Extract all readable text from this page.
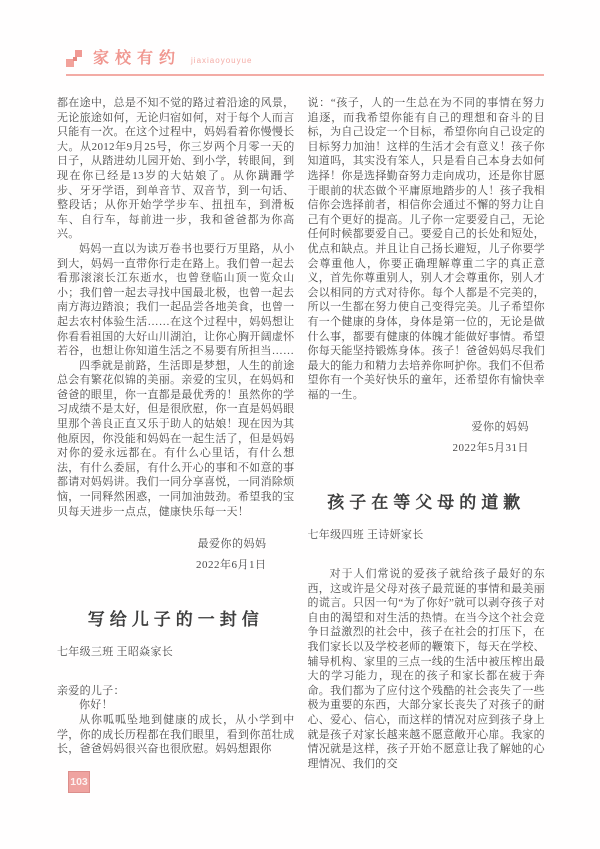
家校有约 jiaxiaoyouyue

都在途中，总是不知不觉的路过着沿途的风景，无论旅途如何，无论归宿如何，对于每个人而言只能有一次。在这个过程中，妈妈看着你慢慢长大。从2012年9月25号，你三岁两个月零一天的日子，从踏进幼儿园开始、到小学，转眼间，到现在你已经是13岁的大姑娘了。从你蹒跚学步、牙牙学语，到单音节、双音节，到一句话、整段话；从你开始学学步车、扭扭车，到滑板车、自行车，每前进一步，我和爸爸都为你高兴。

妈妈一直以为读万卷书也要行万里路，从小到大，妈妈一直带你行走在路上。我们曾一起去看那滚滚长江东逝水，也曾登临山顶一览众山小；我们曾一起去寻找中国最北极，也曾一起去南方海边踏浪；我们一起品尝各地美食，也曾一起去农村体验生活……在这个过程中，妈妈想让你看看祖国的大好山川湖泊，让你心胸开阔虚怀若谷，也想让你知道生活之不易要有所担当……

四季就是前路，生活即是梦想，人生的前途总会有繁花似锦的美丽。亲爱的宝贝，在妈妈和爸爸的眼里，你一直都是最优秀的！虽然你的学习成绩不是太好，但是很欣慰，你一直是妈妈眼里那个善良正直又乐于助人的姑娘！现在因为其他原因，你没能和妈妈在一起生活了，但是妈妈对你的爱永远都在。有什么心里话，有什么想法，有什么委屈，有什么开心的事和不如意的事都请对妈妈讲。我们一同分享喜悦，一同消除烦恼，一同释然困惑，一同加油鼓劲。希望我的宝贝每天进步一点点，健康快乐每一天！

最爱你的妈妈
2022年6月1日
写给儿子的一封信

七年级三班 王昭焱家长

亲爱的儿子：

你好！

从你呱呱坠地到健康的成长，从小学到中学，你的成长历程都在我们眼里，看到你茁壮成长，爸爸妈妈很兴奋也很欣慰。妈妈想跟你

说：“孩子，人的一生总在为不同的事情在努力追逐，而我希望你能有自己的理想和奋斗的目标，为自己设定一个目标，希望你向自己设定的目标努力加油！这样的生活才会有意义！孩子你知道吗，其实没有笨人，只是看自己本身去如何选择！你是选择勤奋努力走向成功，还是你甘愿于眼前的状态做个平庸原地踏步的人！孩子我相信你会选择前者，相信你会通过不懈的努力让自己有个更好的提高。儿子你一定要爱自己，无论任何时候都要爱自己。要爱自己的长处和短处，优点和缺点。并且让自己扬长避短，儿子你要学会尊重他人，你要正确理解尊重二字的真正意义，首先你尊重别人，别人才会尊重你，别人才会以相同的方式对待你。每个人都是不完美的，所以一生都在努力使自己变得完美。儿子希望你有一个健康的身体，身体是第一位的，无论是做什么事，都要有健康的体魄才能做好事情。希望你每天能坚持锻炼身体。孩子！爸爸妈妈尽我们最大的能力和精力去培养你呵护你。我们不但希望你有一个美好快乐的童年，还希望你有愉快幸福的一生。

爱你的妈妈
2022年5月31日
孩子在等父母的道歉

七年级四班 王诗妍家长

对于人们常说的爱孩子就给孩子最好的东西，这或许是父母对孩子最荒诞的事情和最美丽的谎言。只因一句“为了你好”就可以剥夺孩子对自由的渴望和对生活的热情。在当今这个社会竞争日益激烈的社会中，孩子在社会的打压下，在我们家长以及学校老师的鞭策下，每天在学校、辅导机构、家里的三点一线的生活中被压榨出最大的学习能力，现在的孩子和家长都在疲于奔命。我们都为了应付这个残酷的社会丧失了一些极为重要的东西，大部分家长丧失了对孩子的耐心、爱心、信心，而这样的情况对应到孩子身上就是孩子对家长越来越不愿意敞开心扉。我家的情况就是这样，孩子开始不愿意让我了解她的心理情况、我们的交

103
